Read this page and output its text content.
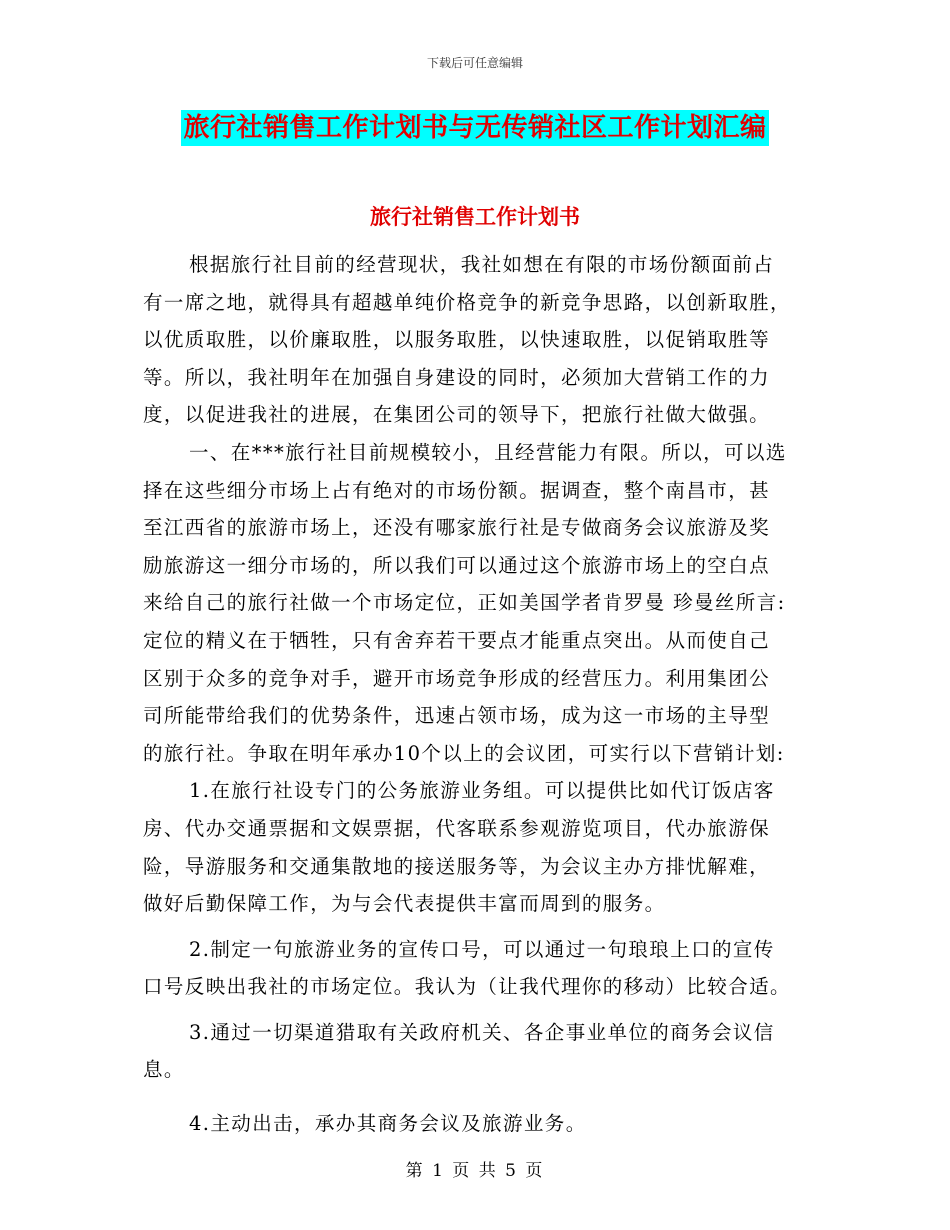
下载后可任意编辑
旅行社销售工作计划书与无传销社区工作计划汇编
旅行社销售工作计划书
根据旅行社目前的经营现状，我社如想在有限的市场份额面前占
有一席之地，就得具有超越单纯价格竞争的新竞争思路，以创新取胜，
以优质取胜，以价廉取胜，以服务取胜，以快速取胜，以促销取胜等
等。所以，我社明年在加强自身建设的同时，必须加大营销工作的力
度，以促进我社的进展，在集团公司的领导下，把旅行社做大做强。
一、在***旅行社目前规模较小，且经营能力有限。所以，可以选
择在这些细分市场上占有绝对的市场份额。据调查，整个南昌市，甚
至江西省的旅游市场上，还没有哪家旅行社是专做商务会议旅游及奖
励旅游这一细分市场的，所以我们可以通过这个旅游市场上的空白点
来给自己的旅行社做一个市场定位，正如美国学者肯罗曼 珍曼丝所言:
定位的精义在于牺牲，只有舍弃若干要点才能重点突出。从而使自己
区别于众多的竞争对手，避开市场竞争形成的经营压力。利用集团公
司所能带给我们的优势条件，迅速占领市场，成为这一市场的主导型
的旅行社。争取在明年承办10个以上的会议团，可实行以下营销计划:
1.在旅行社设专门的公务旅游业务组。可以提供比如代订饭店客
房、代办交通票据和文娱票据，代客联系参观游览项目，代办旅游保
险，导游服务和交通集散地的接送服务等，为会议主办方排忧解难，
做好后勤保障工作，为与会代表提供丰富而周到的服务。
2.制定一句旅游业务的宣传口号，可以通过一句琅琅上口的宣传
口号反映出我社的市场定位。我认为（让我代理你的移动）比较合适。
3.通过一切渠道猎取有关政府机关、各企事业单位的商务会议信
息。
4.主动出击，承办其商务会议及旅游业务。
第 1 页 共 5 页
